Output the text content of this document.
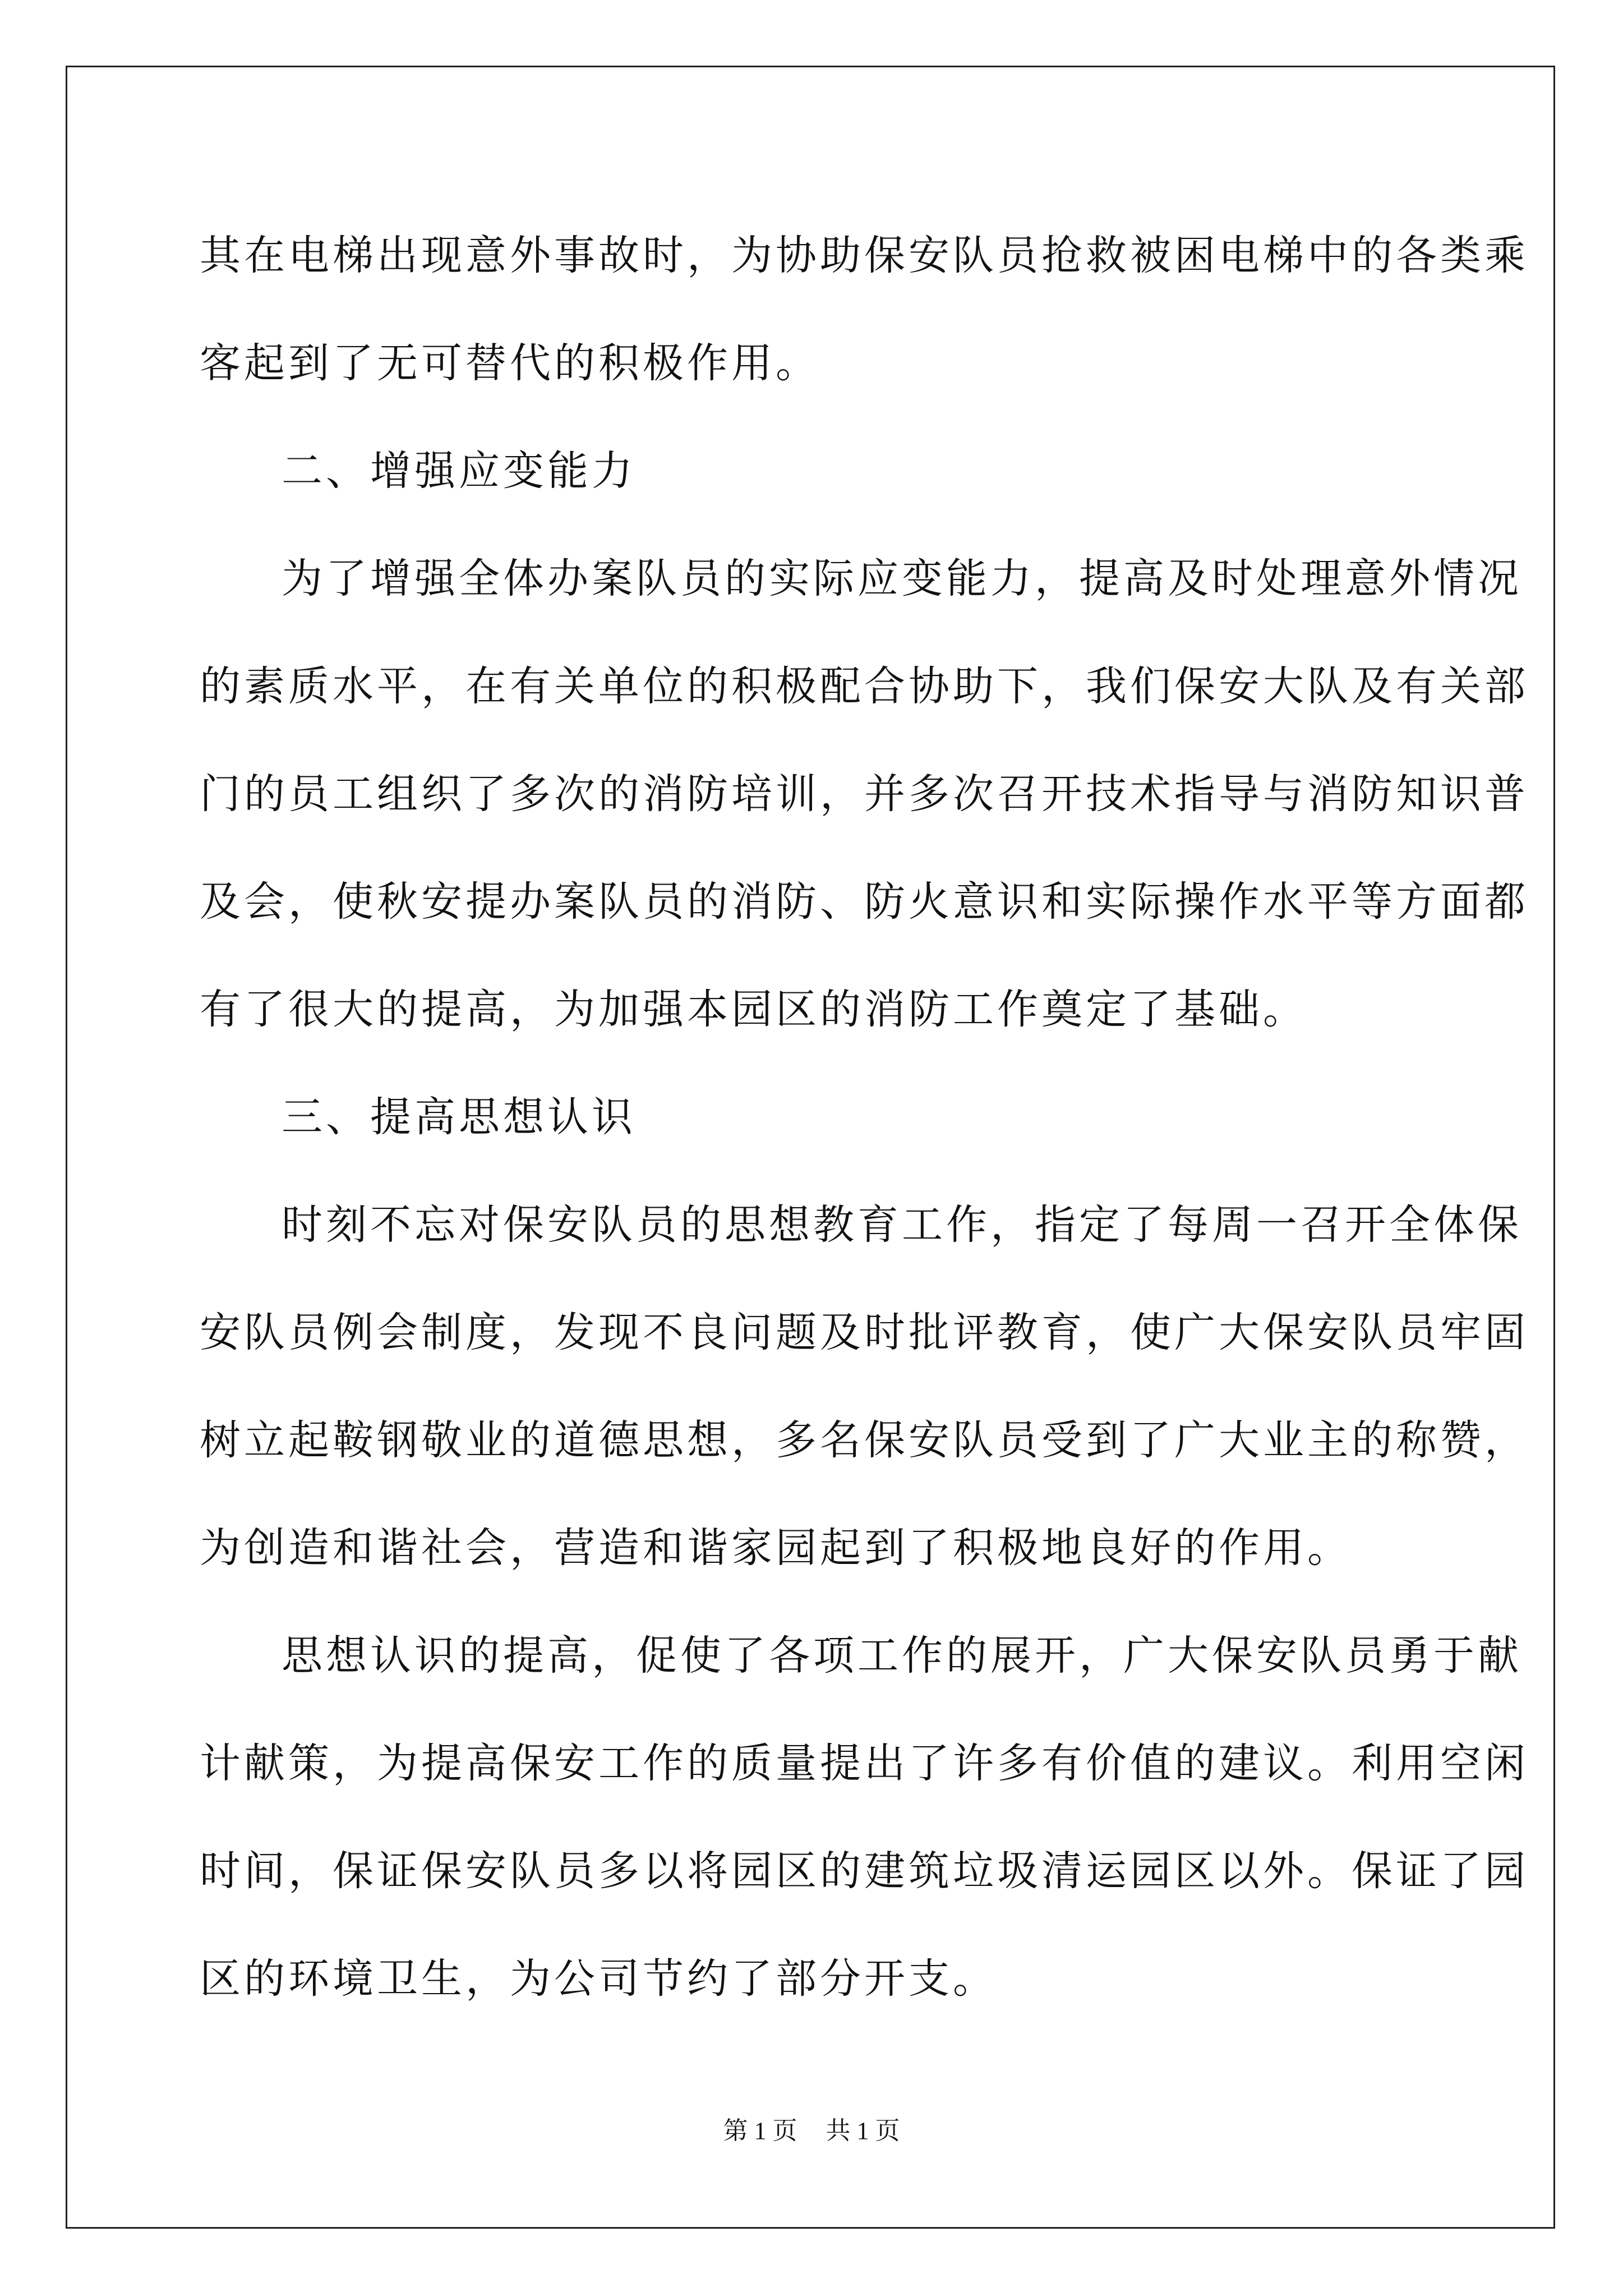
其在电梯出现意外事故时，为协助保安队员抢救被困电梯中的各类乘
客起到了无可替代的积极作用。
二、增强应变能力
为了增强全体办案队员的实际应变能力，提高及时处理意外情况
的素质水平，在有关单位的积极配合协助下，我们保安大队及有关部
门的员工组织了多次的消防培训，并多次召开技术指导与消防知识普
及会，使秋安提办案队员的消防、防火意识和实际操作水平等方面都
有了很大的提高，为加强本园区的消防工作奠定了基础。
三、提高思想认识
时刻不忘对保安队员的思想教育工作，指定了每周一召开全体保
安队员例会制度，发现不良问题及时批评教育，使广大保安队员牢固
树立起鞍钢敬业的道德思想，多名保安队员受到了广大业主的称赞，
为创造和谐社会，营造和谐家园起到了积极地良好的作用。
思想认识的提高，促使了各项工作的展开，广大保安队员勇于献
计献策，为提高保安工作的质量提出了许多有价值的建议。利用空闲
时间，保证保安队员多以将园区的建筑垃圾清运园区以外。保证了园
区的环境卫生，为公司节约了部分开支。
第 1 页 共 1 页
